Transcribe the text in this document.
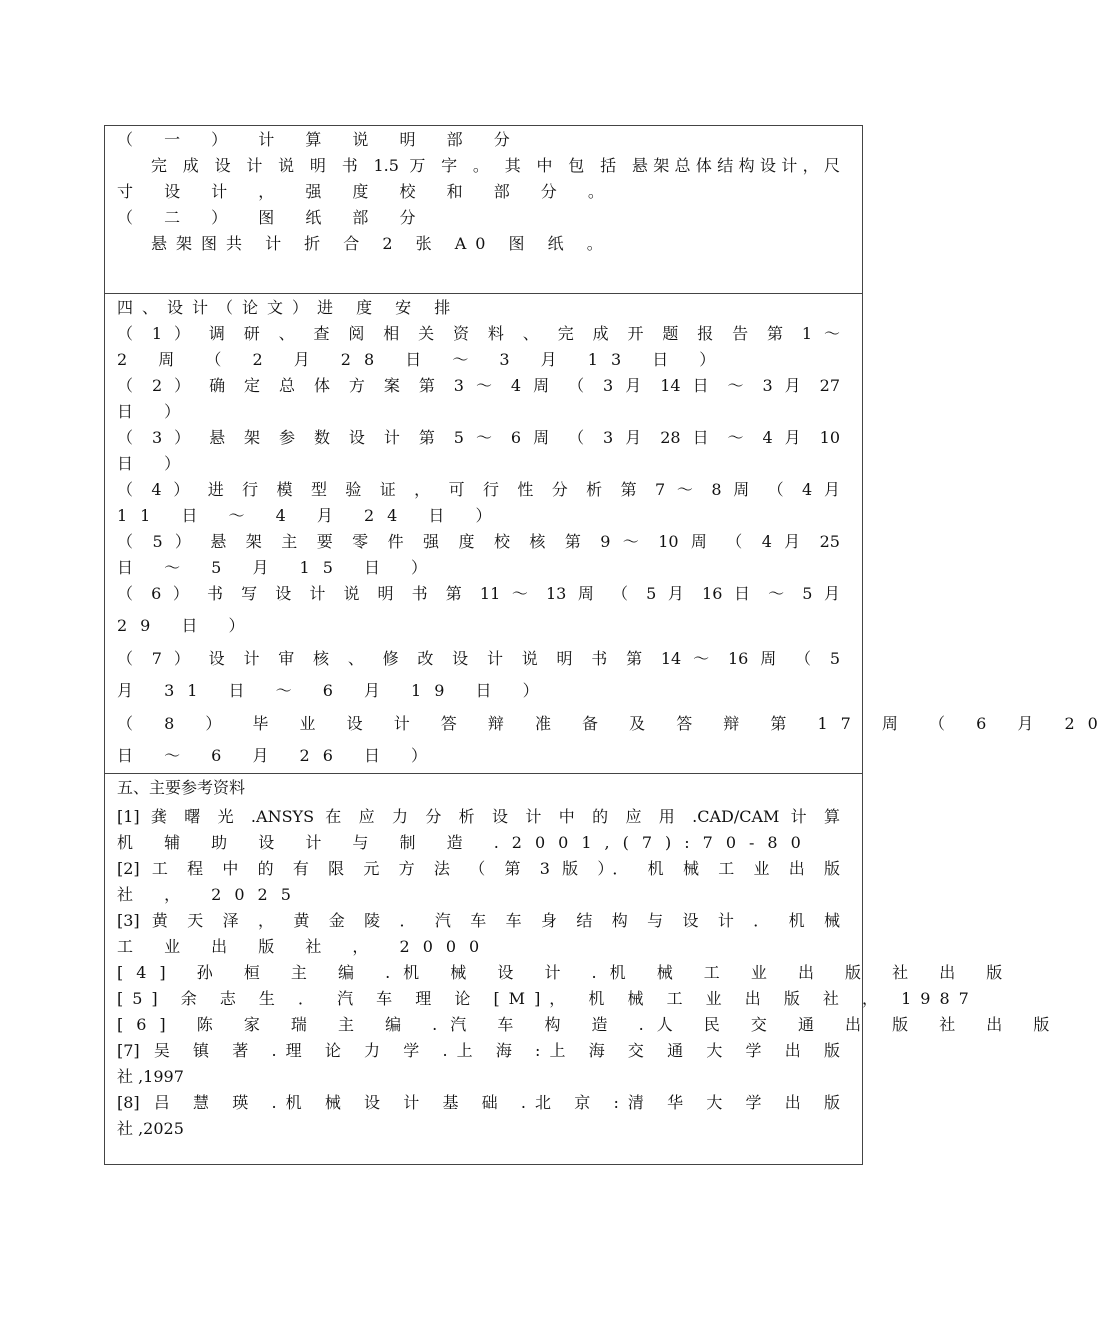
（ 一 ） 计 算 说 明 部 分
完 成 设 计 说 明 书 1.5 万 字 。 其 中 包 括 悬架总体结构设计，尺
寸 设 计 ， 强 度 校 和 部 分 。
（ 二 ） 图 纸 部 分
悬架图共 计 折 合 2 张 A0 图 纸 。
四、设计（论文）进 度 安 排
（ 1 ） 调 研 、 查 阅 相 关 资 料 、 完 成 开 题 报 告 第 1 ～
2 周 （ 2 月 28 日 ～ 3 月 13 日 ）
（ 2 ） 确 定 总 体 方 案 第 3 ～ 4 周 （ 3 月 14 日 ～ 3 月 27
日 ）
（ 3 ） 悬 架 参 数 设 计 第 5 ～ 6 周 （ 3 月 28 日 ～ 4 月 10
日 ）
（ 4 ） 进 行 模 型 验 证 ， 可 行 性 分 析 第 7 ～ 8 周 （ 4 月
11 日 ～ 4 月 24 日 ）
（ 5 ） 悬 架 主 要 零 件 强 度 校 核 第 9 ～ 10 周 （ 4 月 25
日 ～ 5 月 15 日 ）
（ 6 ） 书 写 设 计 说 明 书 第 11 ～ 13 周 （ 5 月 16 日 ～ 5 月
29 日 ）
（ 7 ） 设 计 审 核 、 修 改 设 计 说 明 书 第 14 ～ 16 周 （ 5
月 31 日 ～ 6 月 19 日 ）
（ 8 ） 毕 业 设 计 答 辩 准 备 及 答 辩 第 17 周 （ 6 月 20
日 ～ 6 月 26 日 ）
五、主要参考资料
[1] 龚 曙 光 .ANSYS 在 应 力 分 析 设 计 中 的 应 用 .CAD/CAM 计 算
机 辅 助 设 计 与 制 造 .2001,(7):70-80
[2] 工 程 中 的 有 限 元 方 法 （ 第 3 版 ）． 机 械 工 业 出 版
社 ， 2025
[3] 黄 天 泽 ， 黄 金 陵 ． 汽 车 车 身 结 构 与 设 计 ． 机 械
工 业 出 版 社 ， 2000
[4] 孙 桓 主 编 .机 械 设 计 .机 械 工 业 出 版 社 出 版
[5] 余 志 生 ． 汽 车 理 论 [M]， 机 械 工 业 出 版 社 ， 1987
[6] 陈 家 瑞 主 编 .汽 车 构 造 .人 民 交 通 出 版 社 出 版
[7] 吴 镇 著 .理 论 力 学 .上 海 :上 海 交 通 大 学 出 版
社 ,1997
[8] 吕 慧 瑛 .机 械 设 计 基 础 .北 京 :清 华 大 学 出 版
社 ,2025
